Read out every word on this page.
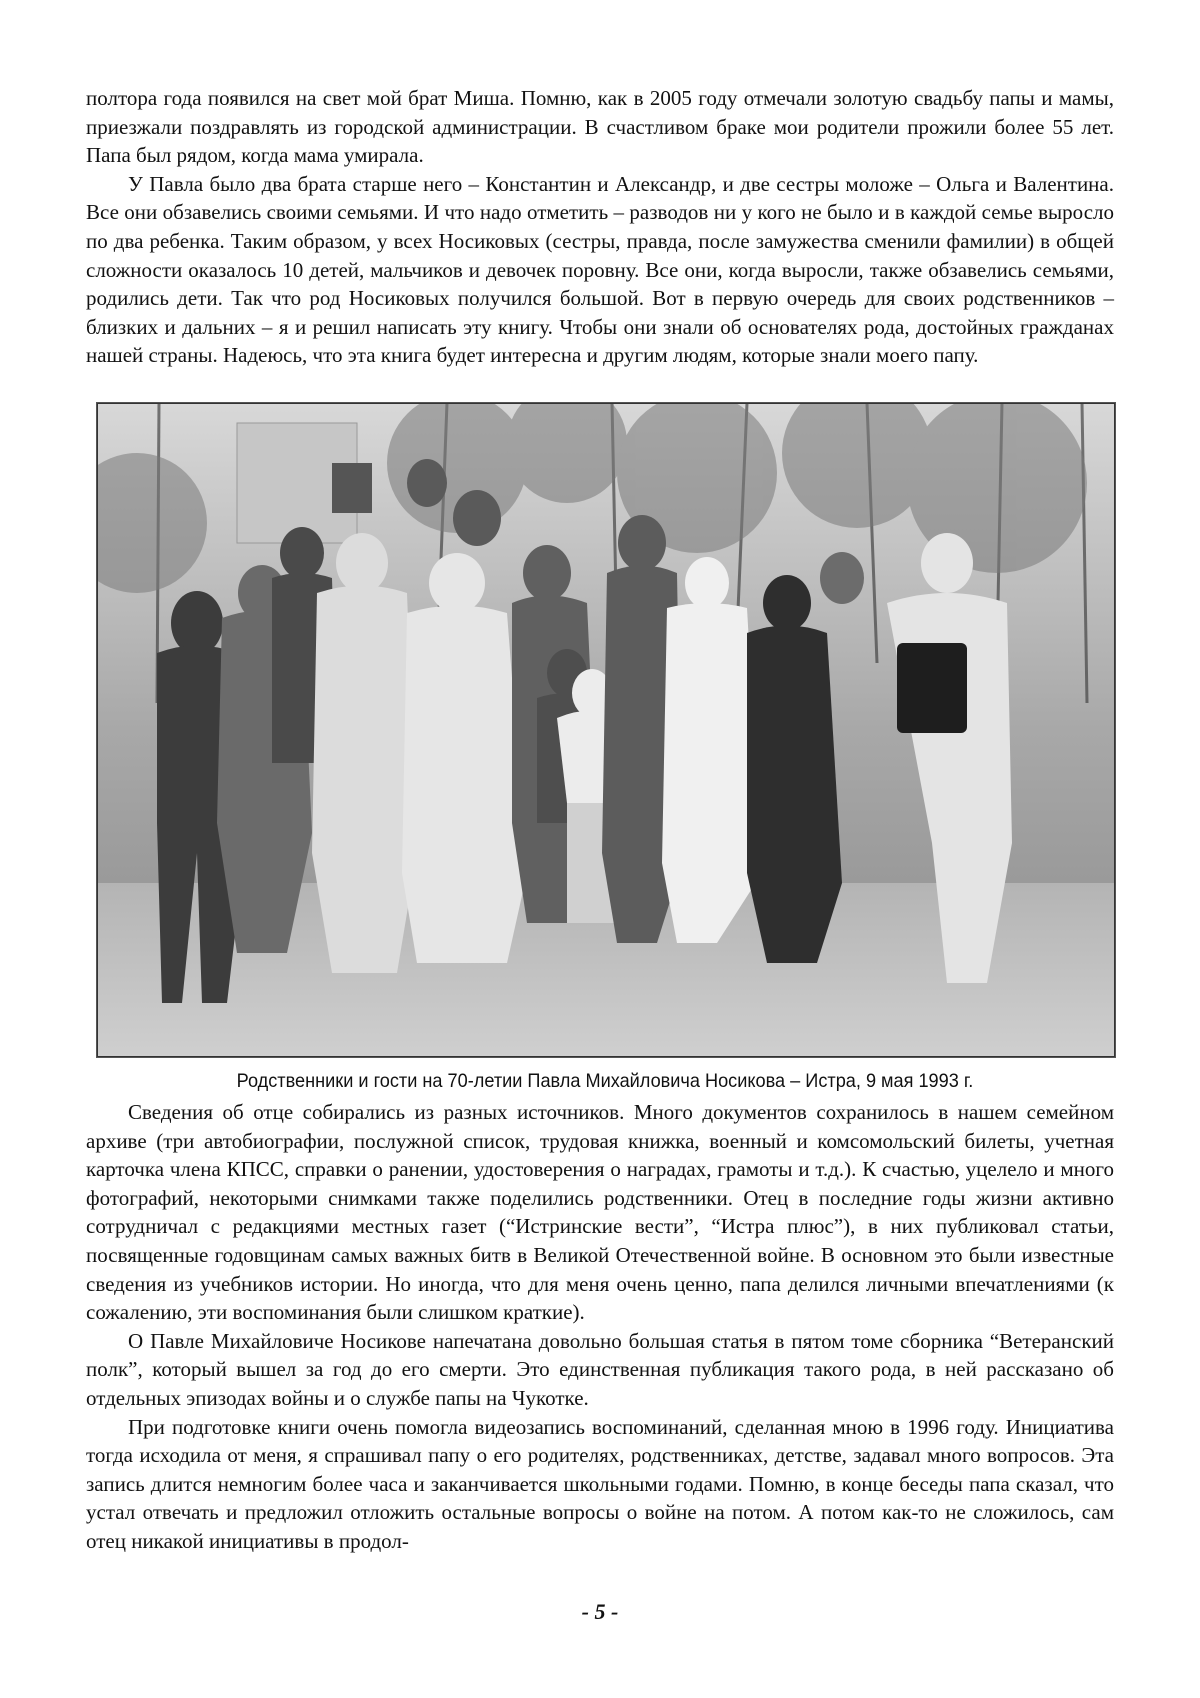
полтора года появился на свет мой брат Миша. Помню, как в 2005 году отмечали золотую свадьбу папы и мамы, приезжали поздравлять из городской администрации. В счастливом браке мои родители прожили более 55 лет. Папа был рядом, когда мама умирала.

У Павла было два брата старше него – Константин и Александр, и две сестры моложе – Ольга и Валентина. Все они обзавелись своими семьями. И что надо отметить – разводов ни у кого не было и в каждой семье выросло по два ребенка. Таким образом, у всех Носиковых (сестры, правда, после замужества сменили фамилии) в общей сложности оказалось 10 детей, мальчиков и девочек поровну. Все они, когда выросли, также обзавелись семьями, родились дети. Так что род Носиковых получился большой. Вот в первую очередь для своих родственников – близких и дальних – я и решил написать эту книгу. Чтобы они знали об основателях рода, достойных гражданах нашей страны. Надеюсь, что эта книга будет интересна и другим людям, которые знали моего папу.

Родственники и гости на 70-летии Павла Михайловича Носикова – Истра, 9 мая 1993 г.

Сведения об отце собирались из разных источников. Много документов сохранилось в нашем семейном архиве (три автобиографии, послужной список, трудовая книжка, военный и комсомольский билеты, учетная карточка члена КПСС, справки о ранении, удостоверения о наградах, грамоты и т.д.). К счастью, уцелело и много фотографий, некоторыми снимками также поделились родственники. Отец в последние годы жизни активно сотрудничал с редакциями местных газет (“Истринские вести”, “Истра плюс”), в них публиковал статьи, посвященные годовщинам самых важных битв в Великой Отечественной войне. В основном это были известные сведения из учебников истории. Но иногда, что для меня очень ценно, папа делился личными впечатлениями (к сожалению, эти воспоминания были слишком краткие).

О Павле Михайловиче Носикове напечатана довольно большая статья в пятом томе сборника “Ветеранский полк”, который вышел за год до его смерти. Это единственная публикация такого рода, в ней рассказано об отдельных эпизодах войны и о службе папы на Чукотке.

При подготовке книги очень помогла видеозапись воспоминаний, сделанная мною в 1996 году. Инициатива тогда исходила от меня, я спрашивал папу о его родителях, родственниках, детстве, задавал много вопросов. Эта запись длится немногим более часа и заканчивается школьными годами. Помню, в конце беседы папа сказал, что устал отвечать и предложил отложить остальные вопросы о войне на потом. А потом как-то не сложилось, сам отец никакой инициативы в продол-

- 5 -
